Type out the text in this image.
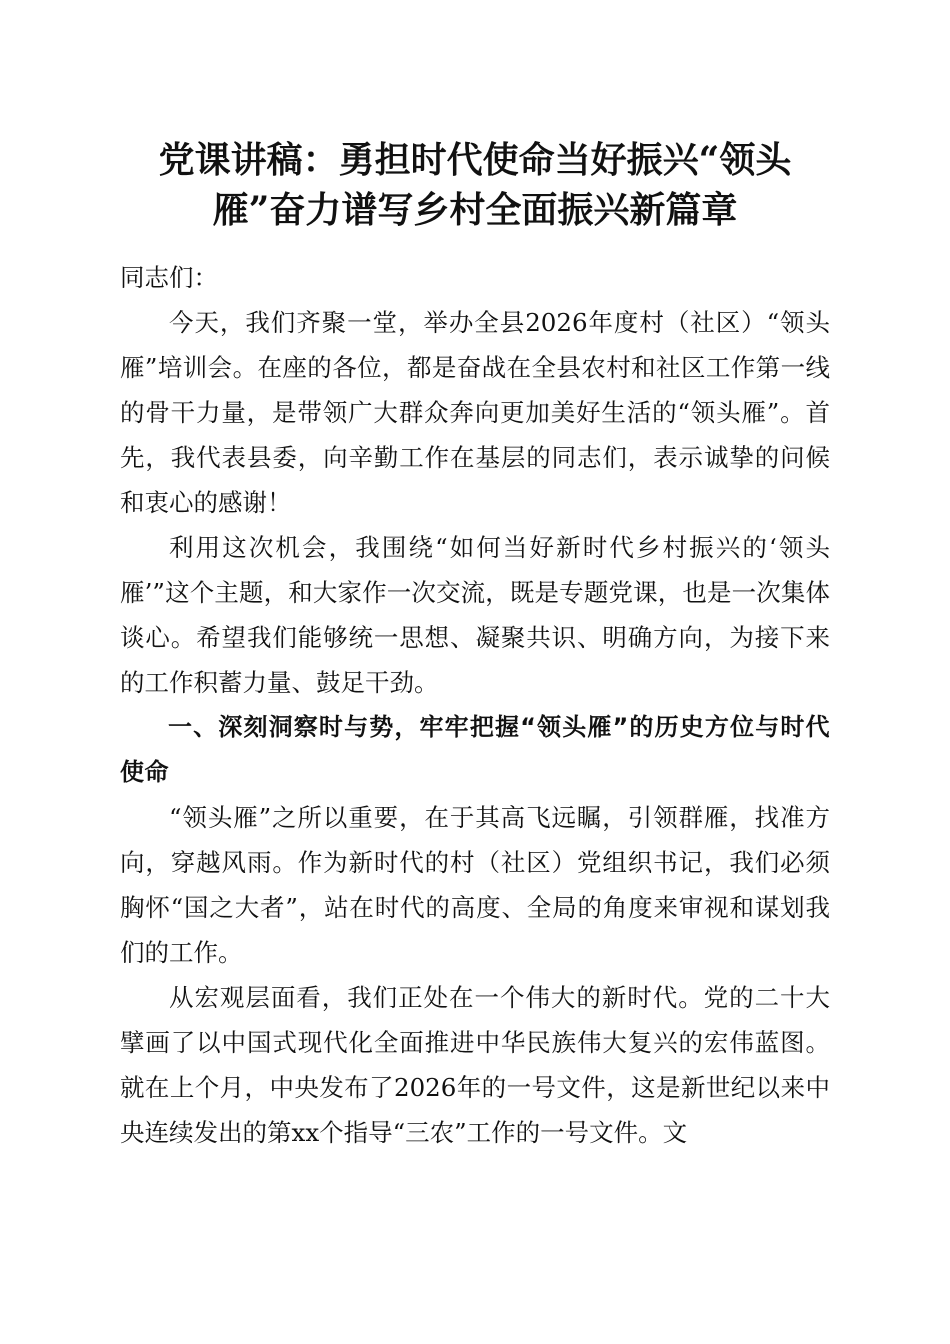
党课讲稿：勇担时代使命当好振兴“领头
雁”奋力谱写乡村全面振兴新篇章

同志们：

今天，我们齐聚一堂，举办全县2026年度村（社区）“领头雁”培训会。在座的各位，都是奋战在全县农村和社区工作第一线的骨干力量，是带领广大群众奔向更加美好生活的“领头雁”。首先，我代表县委，向辛勤工作在基层的同志们，表示诚挚的问候和衷心的感谢！

利用这次机会，我围绕“如何当好新时代乡村振兴的‘领头雁’”这个主题，和大家作一次交流，既是专题党课，也是一次集体谈心。希望我们能够统一思想、凝聚共识、明确方向，为接下来的工作积蓄力量、鼓足干劲。

一、深刻洞察时与势，牢牢把握“领头雁”的历史方位与时代使命

“领头雁”之所以重要，在于其高飞远瞩，引领群雁，找准方向，穿越风雨。作为新时代的村（社区）党组织书记，我们必须胸怀“国之大者”，站在时代的高度、全局的角度来审视和谋划我们的工作。

从宏观层面看，我们正处在一个伟大的新时代。党的二十大擘画了以中国式现代化全面推进中华民族伟大复兴的宏伟蓝图。就在上个月，中央发布了2026年的一号文件，这是新世纪以来中央连续发出的第xx个指导“三农”工作的一号文件。文
